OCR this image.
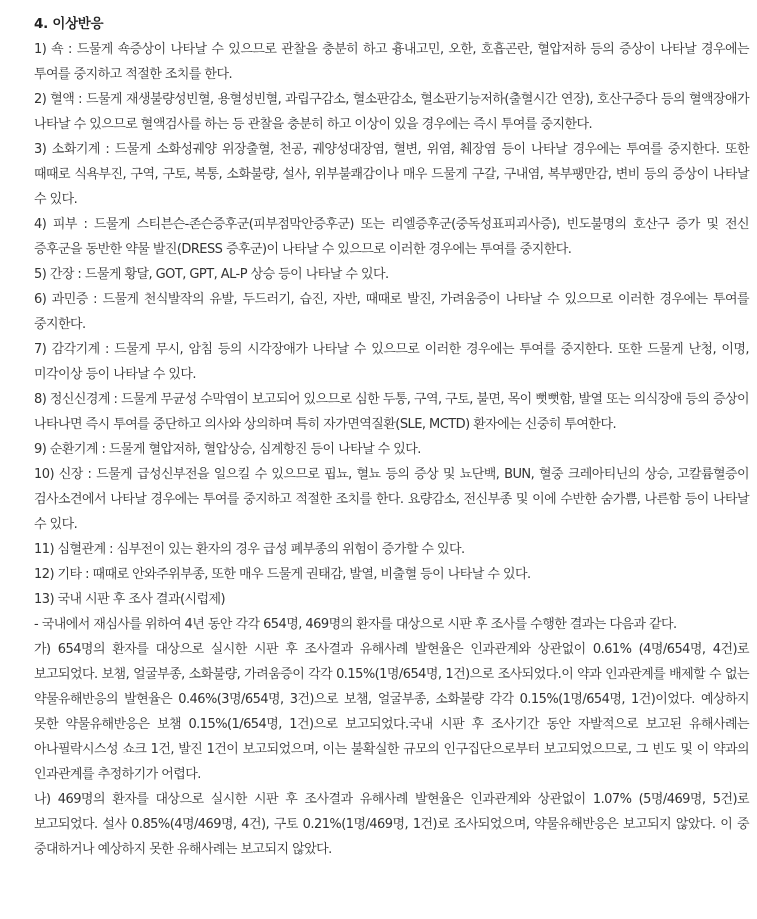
4. 이상반응

1) 쇽 : 드물게 쇽증상이 나타날 수 있으므로 관찰을 충분히 하고 흉내고민, 오한, 호흡곤란, 혈압저하 등의 증상이 나타날 경우에는 투여를 중지하고 적절한 조치를 한다.

2) 혈액 : 드물게 재생불량성빈혈, 용혈성빈혈, 과립구감소, 혈소판감소, 혈소판기능저하(출혈시간 연장), 호산구증다 등의 혈액장애가 나타날 수 있으므로 혈액검사를 하는 등 관찰을 충분히 하고 이상이 있을 경우에는 즉시 투여를 중지한다.

3) 소화기계 : 드물게 소화성궤양 위장출혈, 천공, 궤양성대장염, 혈변, 위염, 췌장염 등이 나타날 경우에는 투여를 중지한다. 또한 때때로 식욕부진, 구역, 구토, 복통, 소화불량, 설사, 위부불쾌감이나 매우 드물게 구갈, 구내염, 복부팽만감, 변비 등의 증상이 나타날 수 있다.

4) 피부 : 드물게 스티븐슨-존슨증후군(피부점막안증후군) 또는 리엘증후군(중독성표피괴사증), 빈도불명의 호산구 증가 및 전신 증후군을 동반한 약물 발진(DRESS 증후군)이 나타날 수 있으므로 이러한 경우에는 투여를 중지한다.

5) 간장 : 드물게 황달, GOT, GPT, AL-P 상승 등이 나타날 수 있다.

6) 과민증 : 드물게 천식발작의 유발, 두드러기, 습진, 자반, 때때로 발진, 가려움증이 나타날 수 있으므로 이러한 경우에는 투여를 중지한다.

7) 감각기계 : 드물게 무시, 암침 등의 시각장애가 나타날 수 있으므로 이러한 경우에는 투여를 중지한다. 또한 드물게 난청, 이명, 미각이상 등이 나타날 수 있다.

8) 정신신경계 : 드물게 무균성 수막염이 보고되어 있으므로 심한 두통, 구역, 구토, 불면, 목이 뻣뻣함, 발열 또는 의식장애 등의 증상이 나타나면 즉시 투여를 중단하고 의사와 상의하며 특히 자가면역질환(SLE, MCTD) 환자에는 신중히 투여한다.

9) 순환기계 : 드물게 혈압저하, 혈압상승, 심계항진 등이 나타날 수 있다.

10) 신장 : 드물게 급성신부전을 일으킬 수 있으므로 핍뇨, 혈뇨 등의 증상 및 뇨단백, BUN, 혈중 크레아티닌의 상승, 고칼륨혈증이 검사소견에서 나타날 경우에는 투여를 중지하고 적절한 조치를 한다. 요량감소, 전신부종 및 이에 수반한 숨가쁨, 나른함 등이 나타날 수 있다.

11) 심혈관계 : 심부전이 있는 환자의 경우 급성 폐부종의 위험이 증가할 수 있다.

12) 기타 : 때때로 안와주위부종, 또한 매우 드물게 권태감, 발열, 비출혈 등이 나타날 수 있다.

13) 국내 시판 후 조사 결과(시럽제)

- 국내에서 재심사를 위하여 4년 동안 각각 654명, 469명의 환자를 대상으로 시판 후 조사를 수행한 결과는 다음과 같다.

가) 654명의 환자를 대상으로 실시한 시판 후 조사결과 유해사례 발현율은 인과관계와 상관없이 0.61% (4명/654명, 4건)로 보고되었다. 보챔, 얼굴부종, 소화불량, 가려움증이 각각 0.15%(1명/654명, 1건)으로 조사되었다.이 약과 인과관계를 배제할 수 없는 약물유해반응의 발현율은 0.46%(3명/654명, 3건)으로 보챔, 얼굴부종, 소화불량 각각 0.15%(1명/654명, 1건)이었다. 예상하지 못한 약물유해반응은 보챔 0.15%(1/654명, 1건)으로 보고되었다.국내 시판 후 조사기간 동안 자발적으로 보고된 유해사례는 아나필락시스성 쇼크 1건, 발진 1건이 보고되었으며, 이는 불확실한 규모의 인구집단으로부터 보고되었으므로, 그 빈도 및 이 약과의 인과관계를 추정하기가 어렵다.

나) 469명의 환자를 대상으로 실시한 시판 후 조사결과 유해사례 발현율은 인과관계와 상관없이 1.07% (5명/469명, 5건)로 보고되었다. 설사 0.85%(4명/469명, 4건), 구토 0.21%(1명/469명, 1건)로 조사되었으며, 약물유해반응은 보고되지 않았다. 이 중 중대하거나 예상하지 못한 유해사례는 보고되지 않았다.
